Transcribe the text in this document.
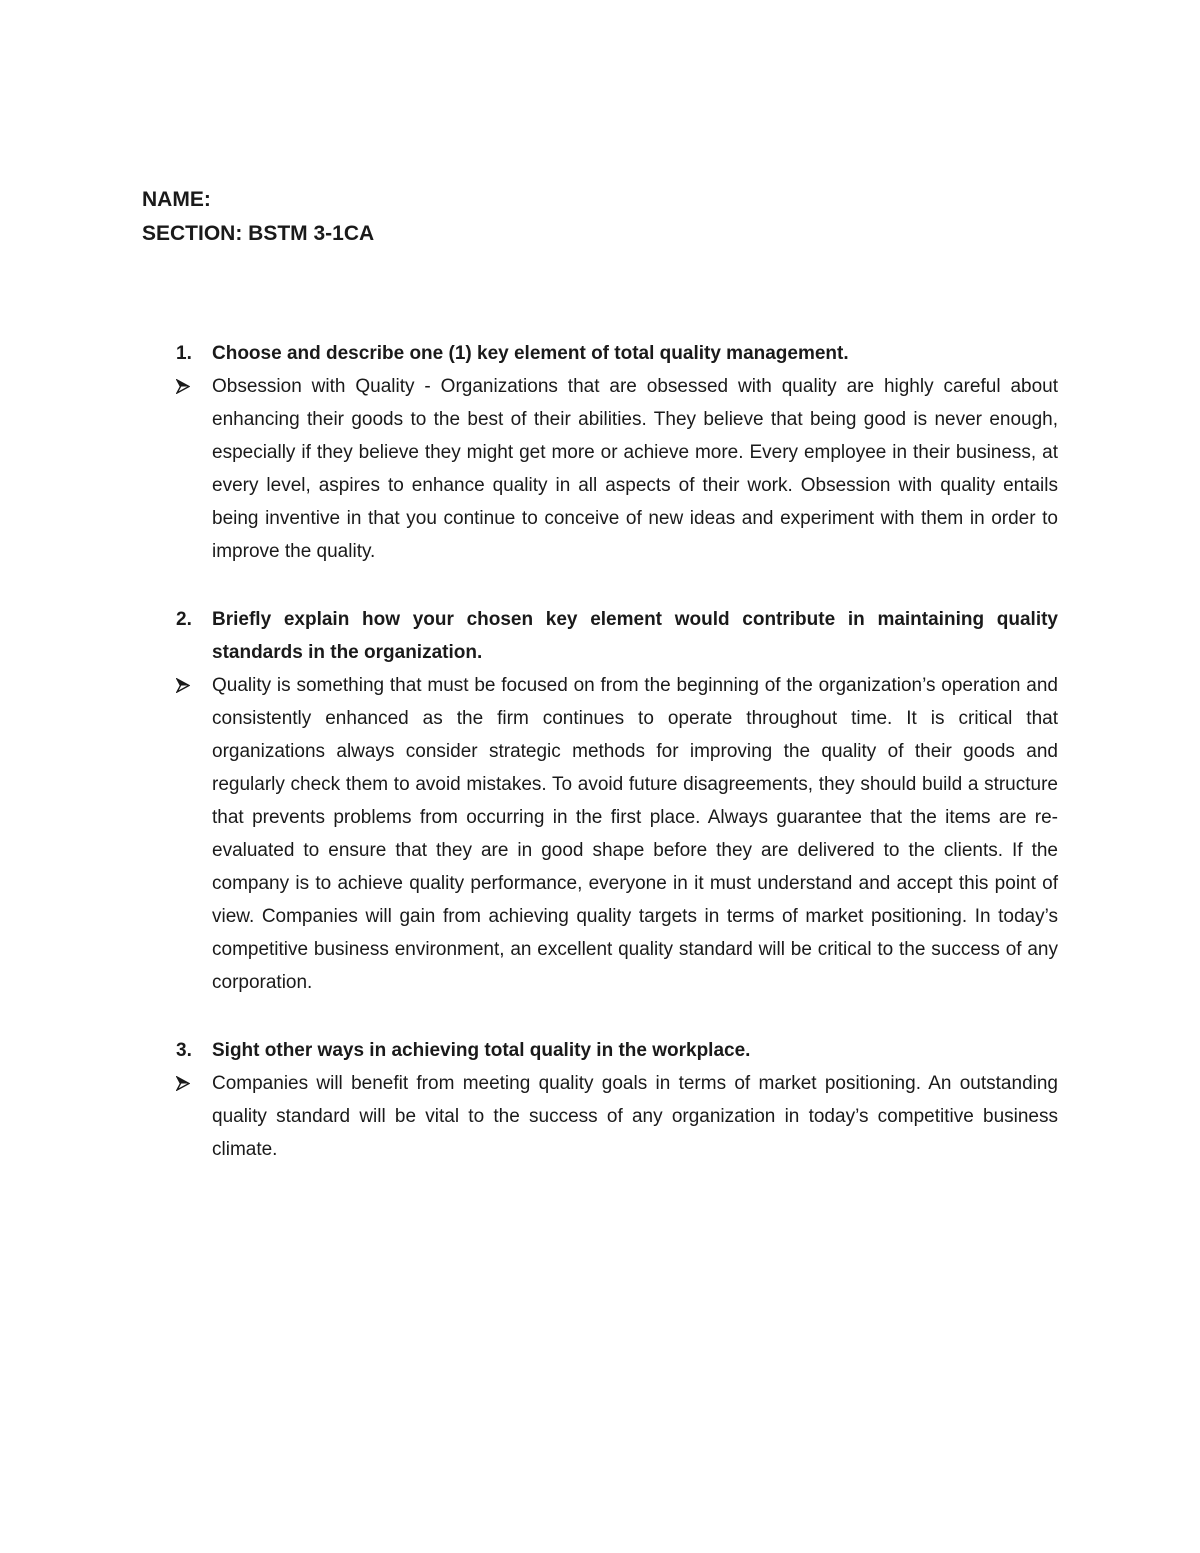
NAME:
SECTION: BSTM 3-1CA
1. Choose and describe one (1) key element of total quality management.
Obsession with Quality - Organizations that are obsessed with quality are highly careful about enhancing their goods to the best of their abilities. They believe that being good is never enough, especially if they believe they might get more or achieve more. Every employee in their business, at every level, aspires to enhance quality in all aspects of their work. Obsession with quality entails being inventive in that you continue to conceive of new ideas and experiment with them in order to improve the quality.
2. Briefly explain how your chosen key element would contribute in maintaining quality standards in the organization.
Quality is something that must be focused on from the beginning of the organization’s operation and consistently enhanced as the firm continues to operate throughout time. It is critical that organizations always consider strategic methods for improving the quality of their goods and regularly check them to avoid mistakes. To avoid future disagreements, they should build a structure that prevents problems from occurring in the first place. Always guarantee that the items are re-evaluated to ensure that they are in good shape before they are delivered to the clients. If the company is to achieve quality performance, everyone in it must understand and accept this point of view. Companies will gain from achieving quality targets in terms of market positioning. In today’s competitive business environment, an excellent quality standard will be critical to the success of any corporation.
3. Sight other ways in achieving total quality in the workplace.
Companies will benefit from meeting quality goals in terms of market positioning. An outstanding quality standard will be vital to the success of any organization in today’s competitive business climate.
